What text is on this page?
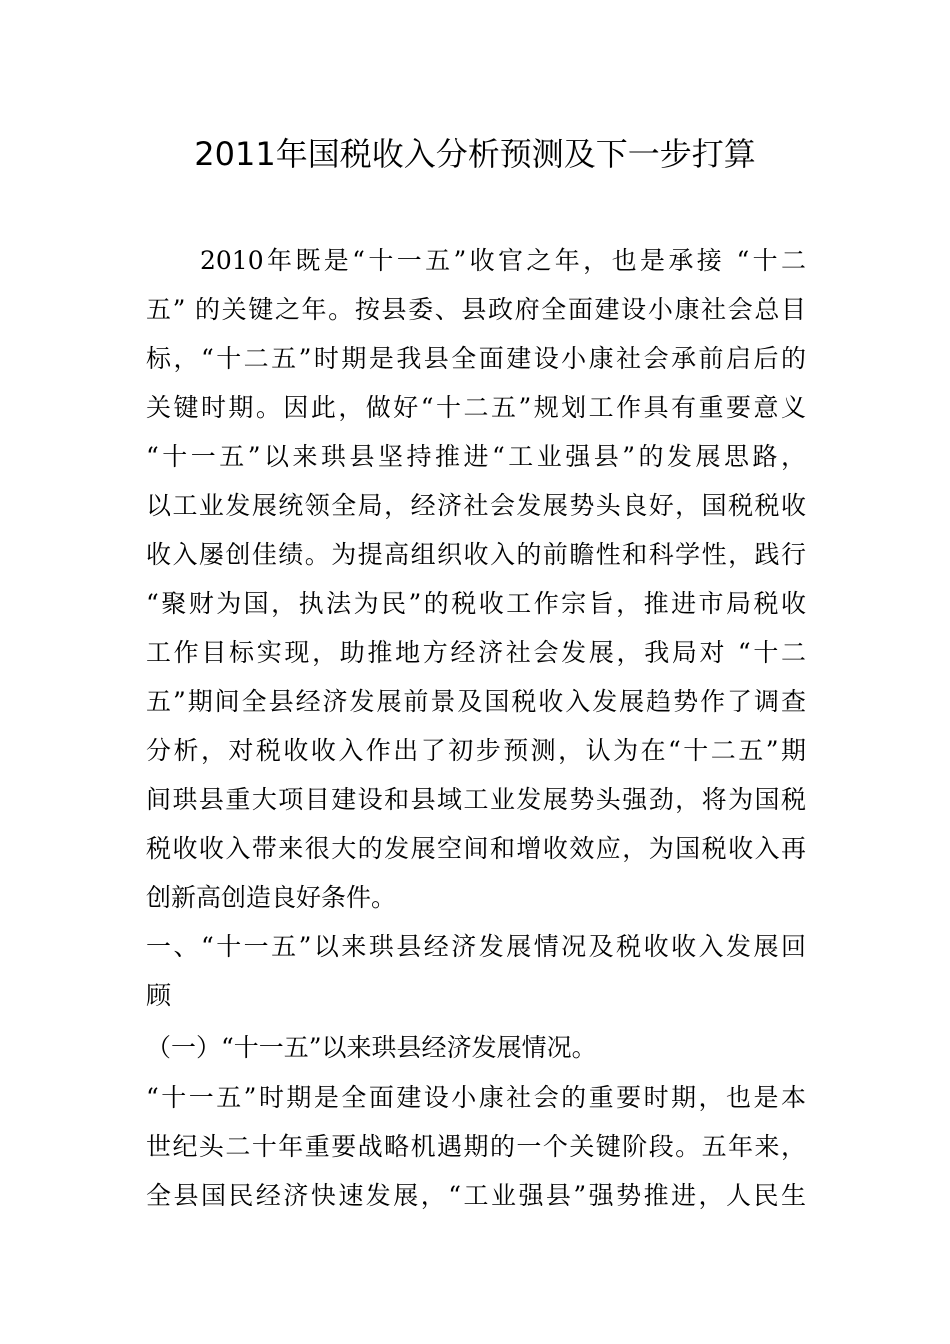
2011年国税收入分析预测及下一步打算
2010年既是“十一五”收官之年，也是承接 “十二
五” 的关键之年。按县委、县政府全面建设小康社会总目
标，“十二五”时期是我县全面建设小康社会承前启后的
关键时期。因此，做好“十二五”规划工作具有重要意义
“十一五”以来珙县坚持推进“工业强县”的发展思路，
以工业发展统领全局，经济社会发展势头良好，国税税收
收入屡创佳绩。为提高组织收入的前瞻性和科学性，践行
“聚财为国，执法为民”的税收工作宗旨，推进市局税收
工作目标实现，助推地方经济社会发展，我局对 “十二
五”期间全县经济发展前景及国税收入发展趋势作了调查
分析，对税收收入作出了初步预测，认为在“十二五”期
间珙县重大项目建设和县域工业发展势头强劲，将为国税
税收收入带来很大的发展空间和增收效应，为国税收入再
创新高创造良好条件。
一、“十一五”以来珙县经济发展情况及税收收入发展回
顾
（一）“十一五”以来珙县经济发展情况。
“十一五”时期是全面建设小康社会的重要时期，也是本
世纪头二十年重要战略机遇期的一个关键阶段。五年来，
全县国民经济快速发展，“工业强县”强势推进，人民生
